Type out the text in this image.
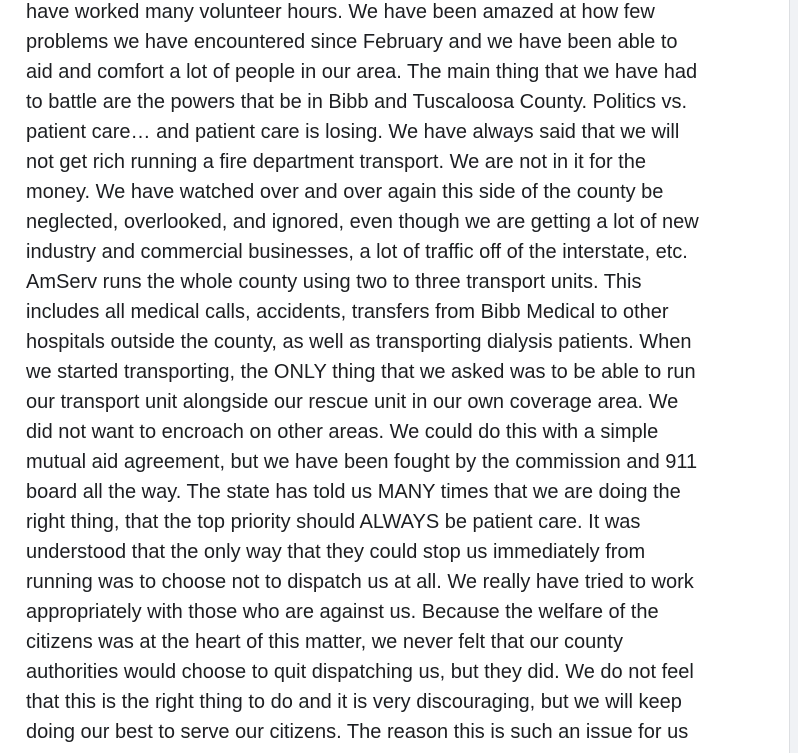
have worked many volunteer hours. We have been amazed at how few
problems we have encountered since February and we have been able to
aid and comfort a lot of people in our area. The main thing that we have had
to battle are the powers that be in Bibb and Tuscaloosa County. Politics vs.
patient care… and patient care is losing. We have always said that we will
not get rich running a fire department transport. We are not in it for the
money. We have watched over and over again this side of the county be
neglected, overlooked, and ignored, even though we are getting a lot of new
industry and commercial businesses, a lot of traffic off of the interstate, etc.
AmServ runs the whole county using two to three transport units. This
includes all medical calls, accidents, transfers from Bibb Medical to other
hospitals outside the county, as well as transporting dialysis patients. When
we started transporting, the ONLY thing that we asked was to be able to run
our transport unit alongside our rescue unit in our own coverage area. We
did not want to encroach on other areas. We could do this with a simple
mutual aid agreement, but we have been fought by the commission and 911
board all the way. The state has told us MANY times that we are doing the
right thing, that the top priority should ALWAYS be patient care. It was
understood that the only way that they could stop us immediately from
running was to choose not to dispatch us at all. We really have tried to work
appropriately with those who are against us. Because the welfare of the
citizens was at the heart of this matter, we never felt that our county
authorities would choose to quit dispatching us, but they did. We do not feel
that this is the right thing to do and it is very discouraging, but we will keep
doing our best to serve our citizens. The reason this is such an issue for us
